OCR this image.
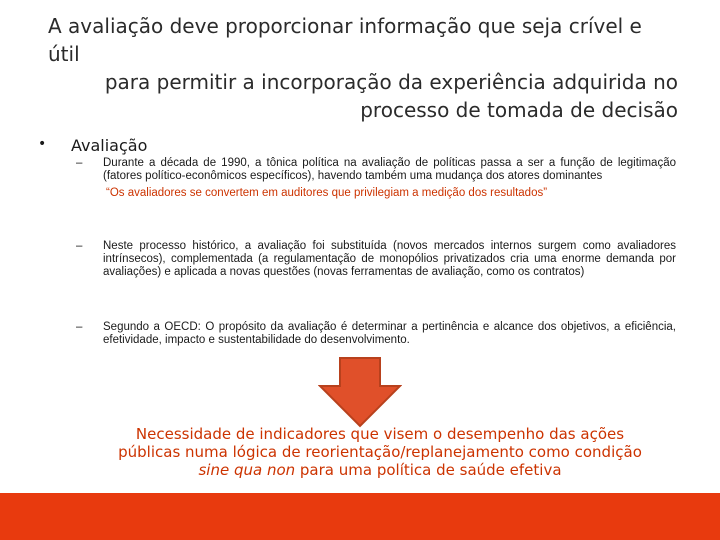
A avaliação deve proporcionar informação que seja crível e útil
para permitir a incorporação da experiência adquirida no
processo de tomada de decisão
• Avaliação
– Durante a década de 1990, a tônica política na avaliação de políticas passa a ser a função de legitimação (fatores político-econômicos específicos), havendo também uma mudança dos atores dominantes
“Os avaliadores se convertem em auditores que privilegiam a medição dos resultados”
– Neste processo histórico, a avaliação foi substituída (novos mercados internos surgem como avaliadores intrínsecos), complementada (a regulamentação de monopólios privatizados cria uma enorme demanda por avaliações) e aplicada a novas questões (novas ferramentas de avaliação, como os contratos)
– Segundo a OECD: O propósito da avaliação é determinar a pertinência e alcance dos objetivos, a eficiência, efetividade, impacto e sustentabilidade do desenvolvimento.
Necessidade de indicadores que visem o desempenho das ações
públicas numa lógica de reorientação/replanejamento como condição
sine qua non para uma política de saúde efetiva
